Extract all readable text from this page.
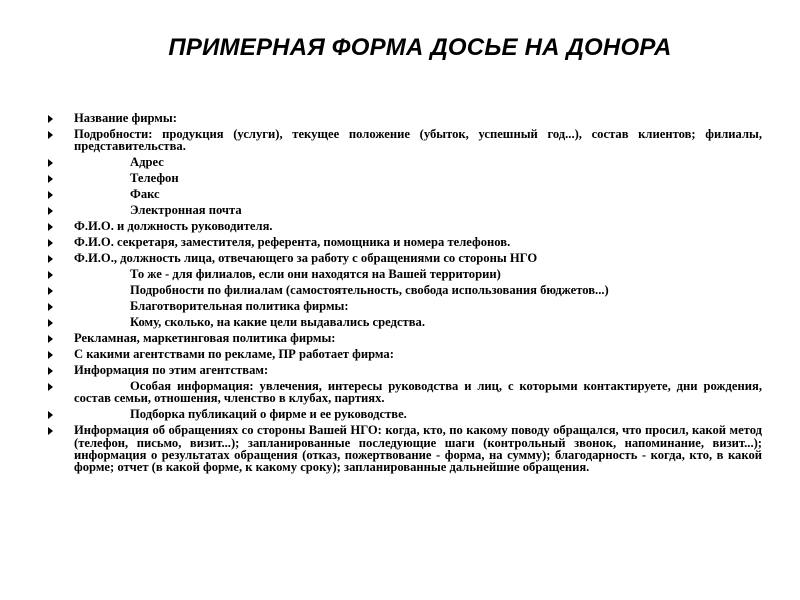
ПРИМЕРНАЯ ФОРМА ДОСЬЕ НА ДОНОРА
Название фирмы:
Подробности: продукция (услуги), текущее положение (убыток, успешный год...), состав клиентов; филиалы, представительства.
Адрес
Телефон
Факс
Электронная почта
Ф.И.О. и должность руководителя.
Ф.И.О. секретаря, заместителя, референта, помощника и номера телефонов.
Ф.И.О., должность лица, отвечающего за работу с обращениями со стороны НГО
То же - для филиалов, если они находятся на Вашей территории)
Подробности по филиалам (самостоятельность, свобода использования бюджетов...)
Благотворительная политика фирмы:
Кому, сколько, на какие цели выдавались средства.
Рекламная, маркетинговая политика фирмы:
С какими агентствами по рекламе, ПР работает фирма:
Информация по этим агентствам:
Особая информация: увлечения, интересы руководства и лиц, с которыми контактируете, дни рождения, состав семьи, отношения, членство в клубах, партиях.
Подборка публикаций о фирме и ее руководстве.
Информация об обращениях со стороны Вашей НГО: когда, кто, по какому поводу обращался, что просил, какой метод (телефон, письмо, визит...); запланированные последующие шаги (контрольный звонок, напоминание, визит...); информация о результатах обращения (отказ, пожертвование - форма, на сумму); благодарность - когда, кто, в какой форме; отчет (в какой форме, к какому сроку); запланированные дальнейшие обращения.
